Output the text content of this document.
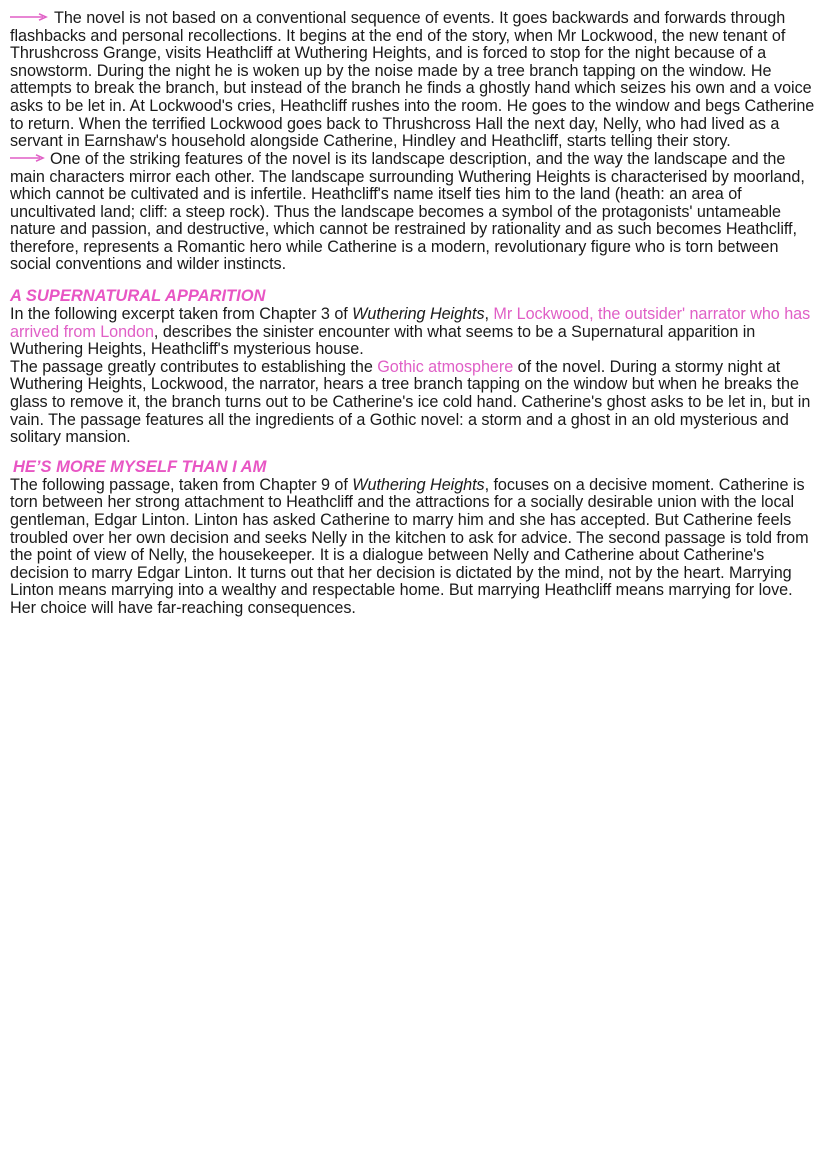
The novel is not based on a conventional sequence of events. It goes backwards and forwards through flashbacks and personal recollections. It begins at the end of the story, when Mr Lockwood, the new tenant of Thrushcross Grange, visits Heathcliff at Wuthering Heights, and is forced to stop for the night because of a snowstorm. During the night he is woken up by the noise made by a tree branch tapping on the window. He attempts to break the branch, but instead of the branch he finds a ghostly hand which seizes his own and a voice asks to be let in. At Lockwood's cries, Heathcliff rushes into the room. He goes to the window and begs Catherine to return. When the terrified Lockwood goes back to Thrushcross Hall the next day, Nelly, who had lived as a servant in Earnshaw's household alongside Catherine, Hindley and Heathcliff, starts telling their story.

One of the striking features of the novel is its landscape description, and the way the landscape and the main characters mirror each other. The landscape surrounding Wuthering Heights is characterised by moorland, which cannot be cultivated and is infertile. Heathcliff's name itself ties him to the land (heath: an area of uncultivated land; cliff: a steep rock). Thus the landscape becomes a symbol of the protagonists' untameable nature and passion, and destructive, which cannot be restrained by rationality and as such becomes Heathcliff, therefore, represents a Romantic hero while Catherine is a modern, revolutionary figure who is torn between social conventions and wilder instincts.

A SUPERNATURAL APPARITION

In the following excerpt taken from Chapter 3 of Wuthering Heights, Mr Lockwood, the outsider' narrator who has arrived from London, describes the sinister encounter with what seems to be a Supernatural apparition in Wuthering Heights, Heathcliff's mysterious house.

The passage greatly contributes to establishing the Gothic atmosphere of the novel. During a stormy night at Wuthering Heights, Lockwood, the narrator, hears a tree branch tapping on the window but when he breaks the glass to remove it, the branch turns out to be Catherine's ice cold hand. Catherine's ghost asks to be let in, but in vain. The passage features all the ingredients of a Gothic novel: a storm and a ghost in an old mysterious and solitary mansion.

HE’S MORE MYSELF THAN I AM

The following passage, taken from Chapter 9 of Wuthering Heights, focuses on a decisive moment. Catherine is torn between her strong attachment to Heathcliff and the attractions for a socially desirable union with the local gentleman, Edgar Linton. Linton has asked Catherine to marry him and she has accepted. But Catherine feels troubled over her own decision and seeks Nelly in the kitchen to ask for advice. The second passage is told from the point of view of Nelly, the housekeeper. It is a dialogue between Nelly and Catherine about Catherine's decision to marry Edgar Linton. It turns out that her decision is dictated by the mind, not by the heart. Marrying Linton means marrying into a wealthy and respectable home. But marrying Heathcliff means marrying for love. Her choice will have far-reaching consequences.
